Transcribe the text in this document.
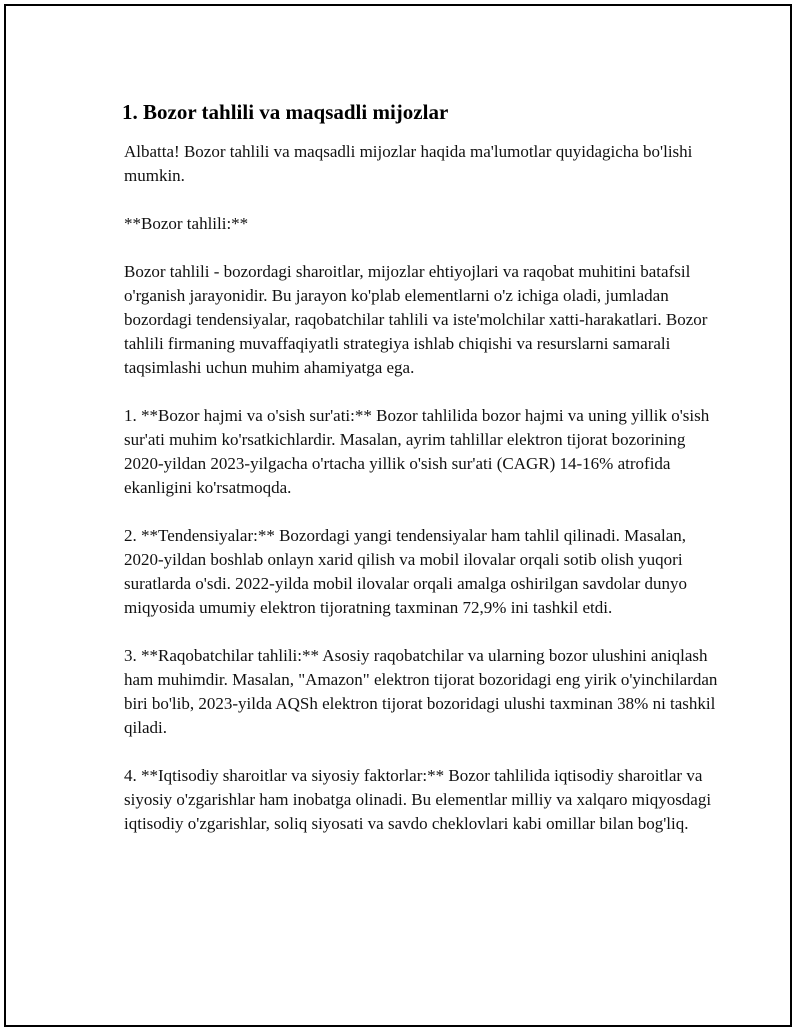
1. Bozor tahlili va maqsadli mijozlar

Albatta! Bozor tahlili va maqsadli mijozlar haqida ma'lumotlar quyidagicha bo'lishi mumkin.

**Bozor tahlili:**

Bozor tahlili - bozordagi sharoitlar, mijozlar ehtiyojlari va raqobat muhitini batafsil o'rganish jarayonidir. Bu jarayon ko'plab elementlarni o'z ichiga oladi, jumladan bozordagi tendensiyalar, raqobatchilar tahlili va iste'molchilar xatti-harakatlari. Bozor tahlili firmaning muvaffaqiyatli strategiya ishlab chiqishi va resurslarni samarali taqsimlashi uchun muhim ahamiyatga ega.

1. **Bozor hajmi va o'sish sur'ati:** Bozor tahlilida bozor hajmi va uning yillik o'sish sur'ati muhim ko'rsatkichlardir. Masalan, ayrim tahlillar elektron tijorat bozorining 2020-yildan 2023-yilgacha o'rtacha yillik o'sish sur'ati (CAGR) 14-16% atrofida ekanligini ko'rsatmoqda.

2. **Tendensiyalar:** Bozordagi yangi tendensiyalar ham tahlil qilinadi. Masalan, 2020-yildan boshlab onlayn xarid qilish va mobil ilovalar orqali sotib olish yuqori suratlarda o'sdi. 2022-yilda mobil ilovalar orqali amalga oshirilgan savdolar dunyo miqyosida umumiy elektron tijoratning taxminan 72,9% ini tashkil etdi.

3. **Raqobatchilar tahlili:** Asosiy raqobatchilar va ularning bozor ulushini aniqlash ham muhimdir. Masalan, "Amazon" elektron tijorat bozoridagi eng yirik o'yinchilardan biri bo'lib, 2023-yilda AQSh elektron tijorat bozoridagi ulushi taxminan 38% ni tashkil qiladi.

4. **Iqtisodiy sharoitlar va siyosiy faktorlar:** Bozor tahlilida iqtisodiy sharoitlar va siyosiy o'zgarishlar ham inobatga olinadi. Bu elementlar milliy va xalqaro miqyosdagi iqtisodiy o'zgarishlar, soliq siyosati va savdo cheklovlari kabi omillar bilan bog'liq.
